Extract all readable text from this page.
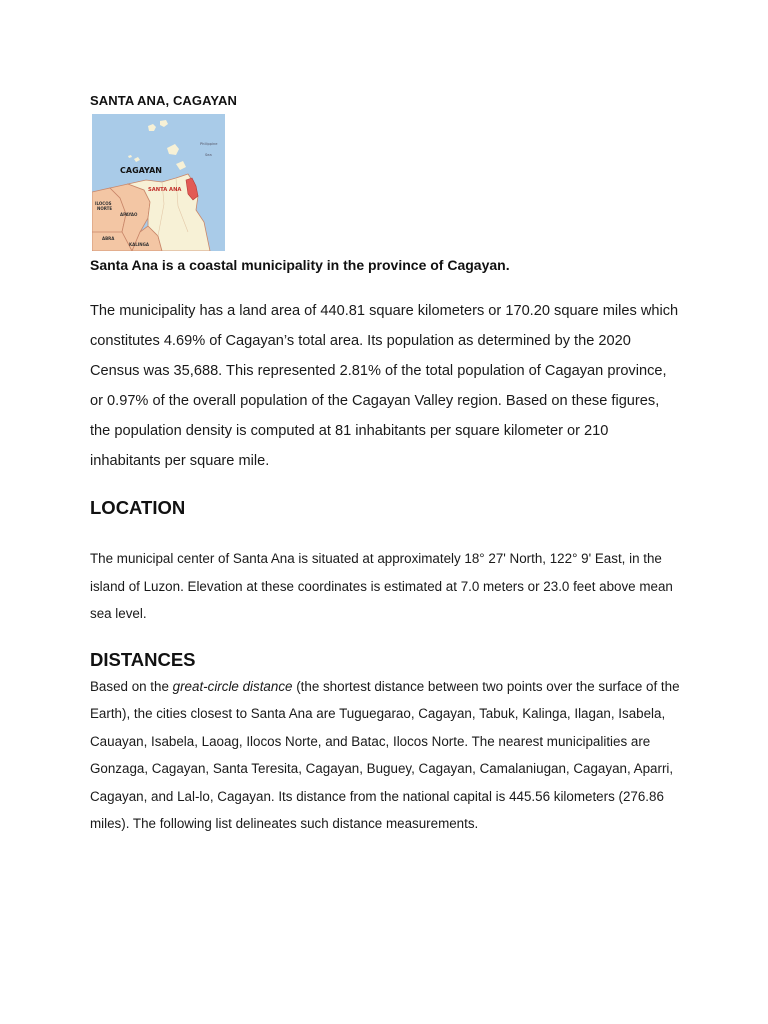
SANTA ANA, CAGAYAN
CAGAYAN
SANTA ANA
Philippine
Sea
ILOCOS
NORTE
APAYAO
ABRA
KALINGA

Santa Ana is a coastal municipality in the province of Cagayan.

The municipality has a land area of 440.81 square kilometers or 170.20 square miles which constitutes 4.69% of Cagayan’s total area. Its population as determined by the 2020 Census was 35,688. This represented 2.81% of the total population of Cagayan province, or 0.97% of the overall population of the Cagayan Valley region. Based on these figures, the population density is computed at 81 inhabitants per square kilometer or 210 inhabitants per square mile.

LOCATION

The municipal center of Santa Ana is situated at approximately 18° 27' North, 122° 9' East, in the island of Luzon. Elevation at these coordinates is estimated at 7.0 meters or 23.0 feet above mean sea level.

DISTANCES

Based on the great-circle distance (the shortest distance between two points over the surface of the Earth), the cities closest to Santa Ana are Tuguegarao, Cagayan, Tabuk, Kalinga, Ilagan, Isabela, Cauayan, Isabela, Laoag, Ilocos Norte, and Batac, Ilocos Norte. The nearest municipalities are Gonzaga, Cagayan, Santa Teresita, Cagayan, Buguey, Cagayan, Camalaniugan, Cagayan, Aparri, Cagayan, and Lal-lo, Cagayan. Its distance from the national capital is 445.56 kilometers (276.86 miles). The following list delineates such distance measurements.
